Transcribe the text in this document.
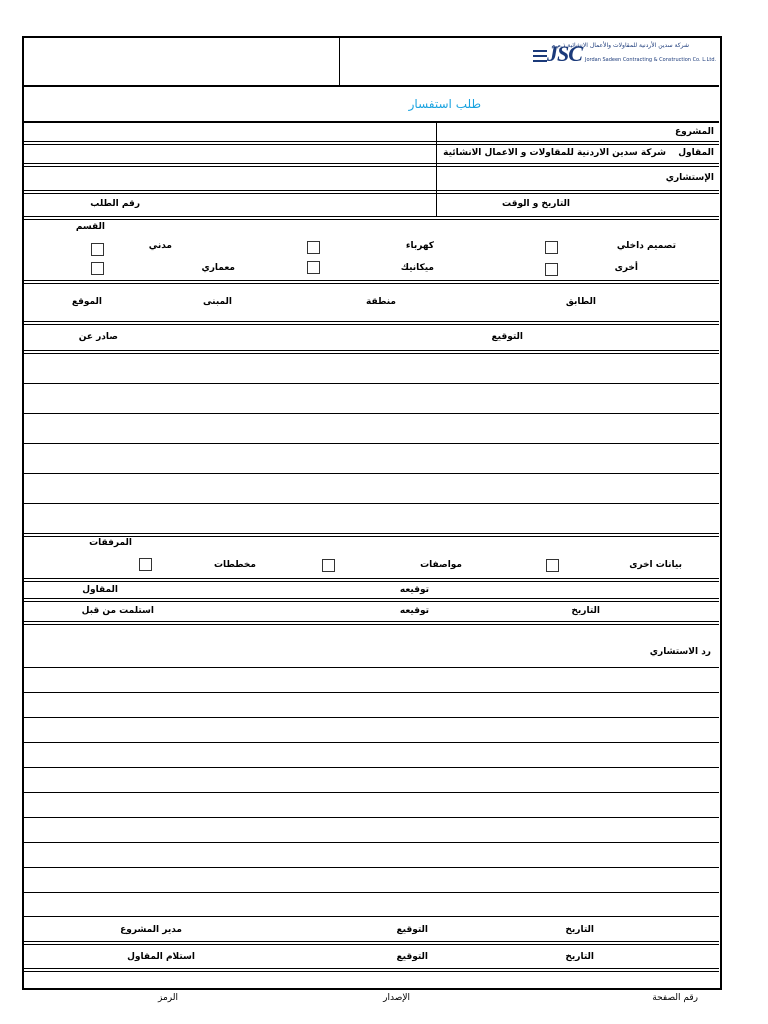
JSC
شركة سدين الأردنية للمقاولات والأعمال الإنشائية ذ.م.م
Jordan Sadeen Contracting & Construction Co. L.Ltd.
طلب استفسار
المشروع
المقاول
شركة سدين الاردنية للمقاولات و الاعمال الانشائية
الإستشاري
التاريخ و الوقت
رقم الطلب
القسم
تصميم داخلي
كهرباء
مدني
أخرى
ميكانيك
معماري
الطابق
منطقة
المبنى
الموقع
التوقيع
صادر عن
المرفقات
بيانات اخرى
مواصفات
مخططات
توقيعه
المقاول
التاريخ
توقيعه
استلمت من قبل
رد الاستشاري
التاريخ
التوقيع
مدير المشروع
التاريخ
التوقيع
استلام المقاول
رقم الصفحة
الإصدار
الرمز
